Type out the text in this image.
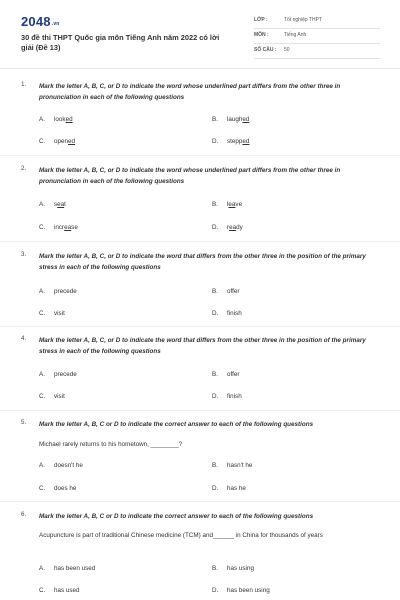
2048.vn
30 đề thi THPT Quốc gia môn Tiếng Anh năm 2022 có lời giải (Đề 13)
LỚP :	Tốt nghiệp THPT
MÔN :	Tiếng Anh
SỐ CÂU : 50
1. Mark the letter A, B, C, or D to indicate the word whose underlined part differs from the other three in pronunciation in each of the following questions
A. looked	B. laughed
C. opened	D. stepped
2. Mark the letter A, B, C, or D to indicate the word whose underlined part differs from the other three in pronunciation in each of the following questions
A. seat	B. leave
C. increase	D. ready
3. Mark the letter A, B, C, or D to indicate the word that differs from the other three in the position of the primary stress in each of the following questions
A. precede	B. offer
C. visit	D. finish
4. Mark the letter A, B, C, or D to indicate the word that differs from the other three in the position of the primary stress in each of the following questions
A. precede	B. offer
C. visit	D. finish
5. Mark the letter A, B, C or D to indicate the correct answer to each of the following questions
Michael rarely returns to his hometown, ________?
A. doesn't he	B. hasn't he
C. does he	D. has he
6. Mark the letter A, B, C or D to indicate the correct answer to each of the following questions
Acupuncture is part of traditional Chinese medicine (TCM) and______ in China for thousands of years
A. has been used	B. has using
C. has used	D. has been using
